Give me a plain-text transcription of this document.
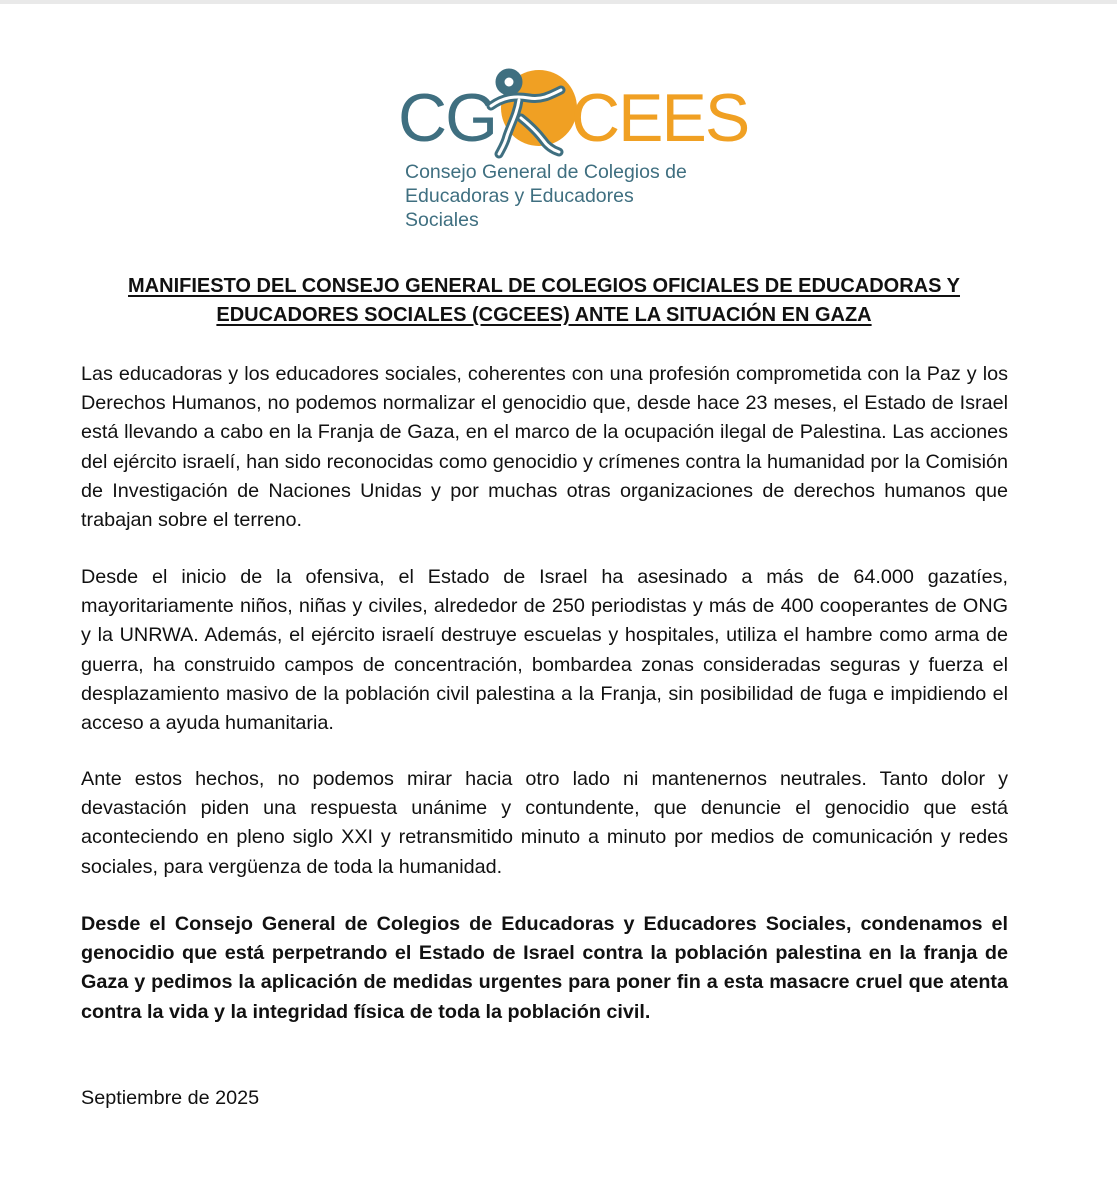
CG CEES
Consejo General de Colegios de
Educadoras y Educadores Sociales
MANIFIESTO DEL CONSEJO GENERAL DE COLEGIOS OFICIALES DE EDUCADORAS Y
EDUCADORES SOCIALES (CGCEES) ANTE LA SITUACIÓN EN GAZA

Las educadoras y los educadores sociales, coherentes con una profesión comprometida con la Paz y los Derechos Humanos, no podemos normalizar el genocidio que, desde hace 23 meses, el Estado de Israel está llevando a cabo en la Franja de Gaza, en el marco de la ocupación ilegal de Palestina. Las acciones del ejército israelí, han sido reconocidas como genocidio y crímenes contra la humanidad por la Comisión de Investigación de Naciones Unidas y por muchas otras organizaciones de derechos humanos que trabajan sobre el terreno.

Desde el inicio de la ofensiva, el Estado de Israel ha asesinado a más de 64.000 gazatíes, mayoritariamente niños, niñas y civiles, alrededor de 250 periodistas y más de 400 cooperantes de ONG y la UNRWA. Además, el ejército israelí destruye escuelas y hospitales, utiliza el hambre como arma de guerra, ha construido campos de concentración, bombardea zonas consideradas seguras y fuerza el desplazamiento masivo de la población civil palestina a la Franja, sin posibilidad de fuga e impidiendo el acceso a ayuda humanitaria.

Ante estos hechos, no podemos mirar hacia otro lado ni mantenernos neutrales. Tanto dolor y devastación piden una respuesta unánime y contundente, que denuncie el genocidio que está aconteciendo en pleno siglo XXI y retransmitido minuto a minuto por medios de comunicación y redes sociales, para vergüenza de toda la humanidad.

Desde el Consejo General de Colegios de Educadoras y Educadores Sociales, condenamos el genocidio que está perpetrando el Estado de Israel contra la población palestina en la franja de Gaza y pedimos la aplicación de medidas urgentes para poner fin a esta masacre cruel que atenta contra la vida y la integridad física de toda la población civil.

Septiembre de 2025
